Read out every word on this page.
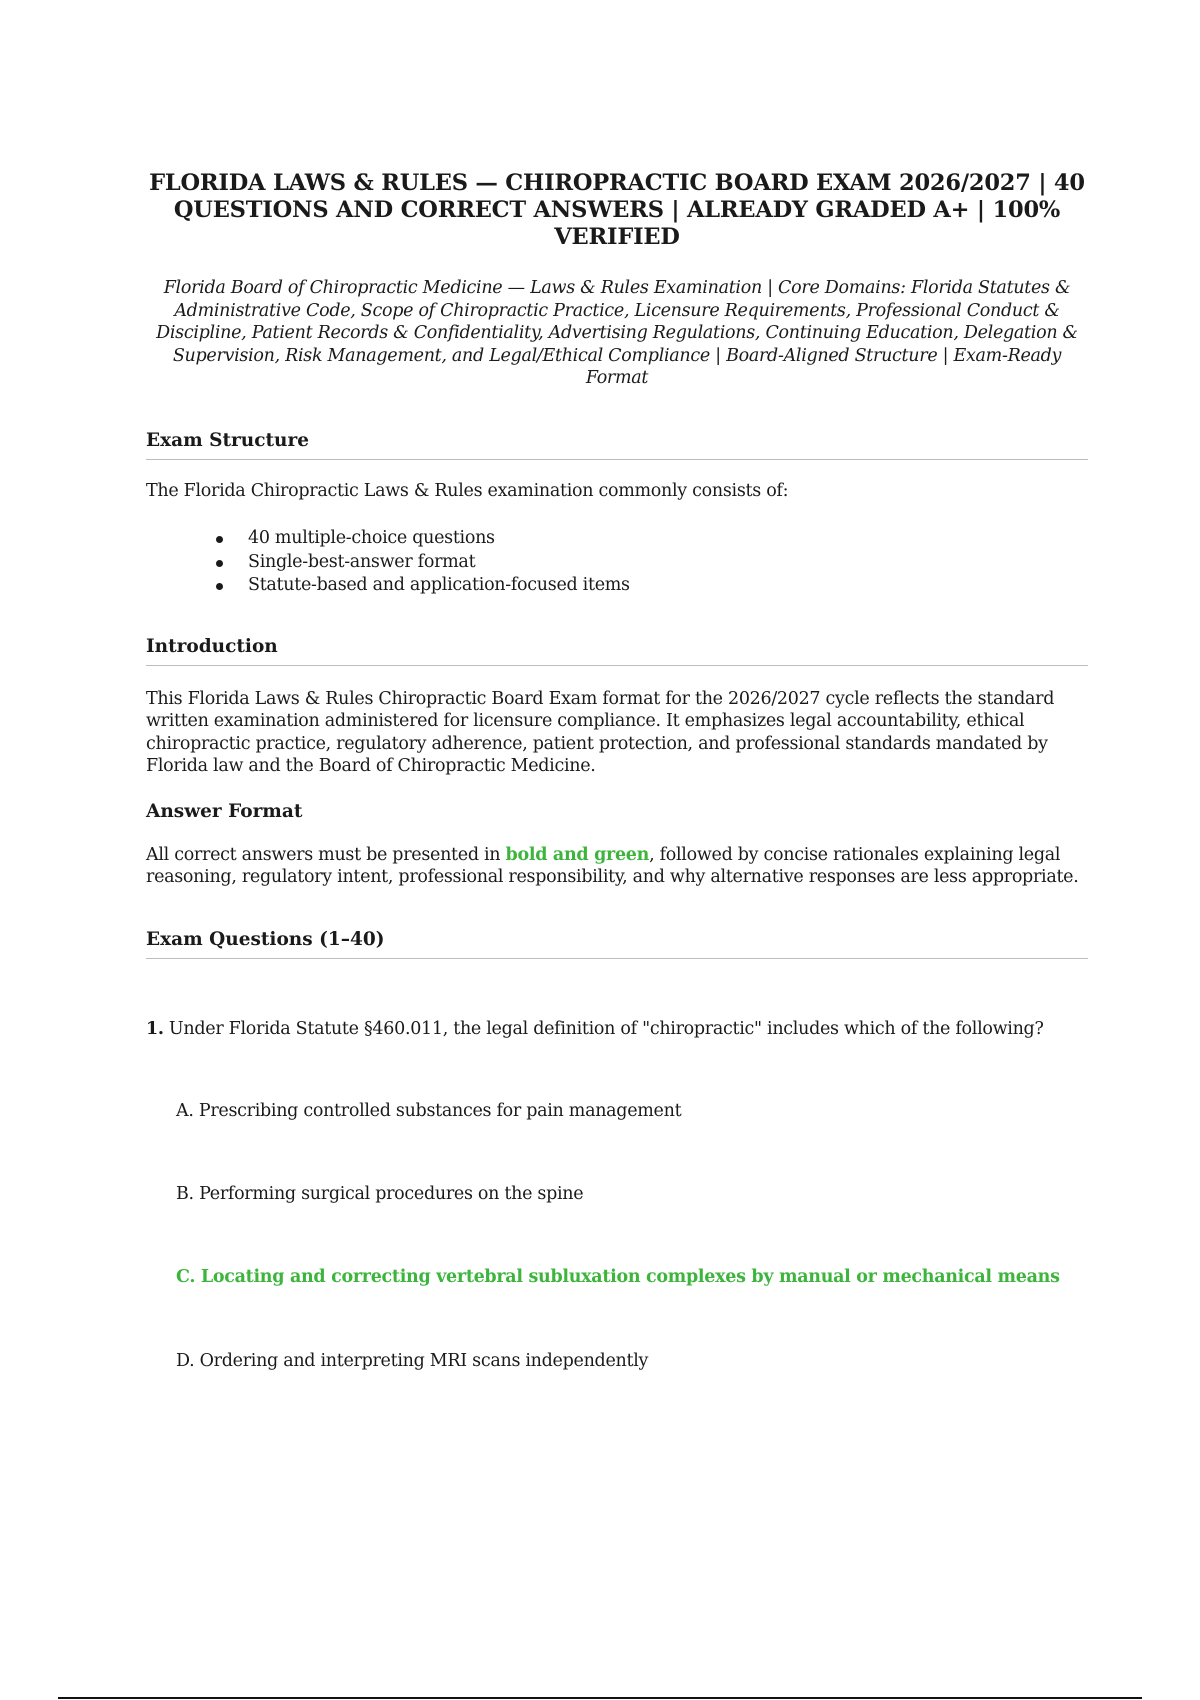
FLORIDA LAWS & RULES — CHIROPRACTIC BOARD EXAM 2026/2027 | 40 QUESTIONS AND CORRECT ANSWERS | ALREADY GRADED A+ | 100% VERIFIED

Florida Board of Chiropractic Medicine — Laws & Rules Examination | Core Domains: Florida Statutes & Administrative Code, Scope of Chiropractic Practice, Licensure Requirements, Professional Conduct & Discipline, Patient Records & Confidentiality, Advertising Regulations, Continuing Education, Delegation & Supervision, Risk Management, and Legal/Ethical Compliance | Board-Aligned Structure | Exam-Ready Format

Exam Structure

The Florida Chiropractic Laws & Rules examination commonly consists of:

40 multiple-choice questions
Single-best-answer format
Statute-based and application-focused items
Introduction

This Florida Laws & Rules Chiropractic Board Exam format for the 2026/2027 cycle reflects the standard written examination administered for licensure compliance. It emphasizes legal accountability, ethical chiropractic practice, regulatory adherence, patient protection, and professional standards mandated by Florida law and the Board of Chiropractic Medicine.

Answer Format

All correct answers must be presented in bold and green, followed by concise rationales explaining legal reasoning, regulatory intent, professional responsibility, and why alternative responses are less appropriate.

Exam Questions (1–40)

1. Under Florida Statute §460.011, the legal definition of "chiropractic" includes which of the following?

A. Prescribing controlled substances for pain management

B. Performing surgical procedures on the spine

C. Locating and correcting vertebral subluxation complexes by manual or mechanical means

D. Ordering and interpreting MRI scans independently
